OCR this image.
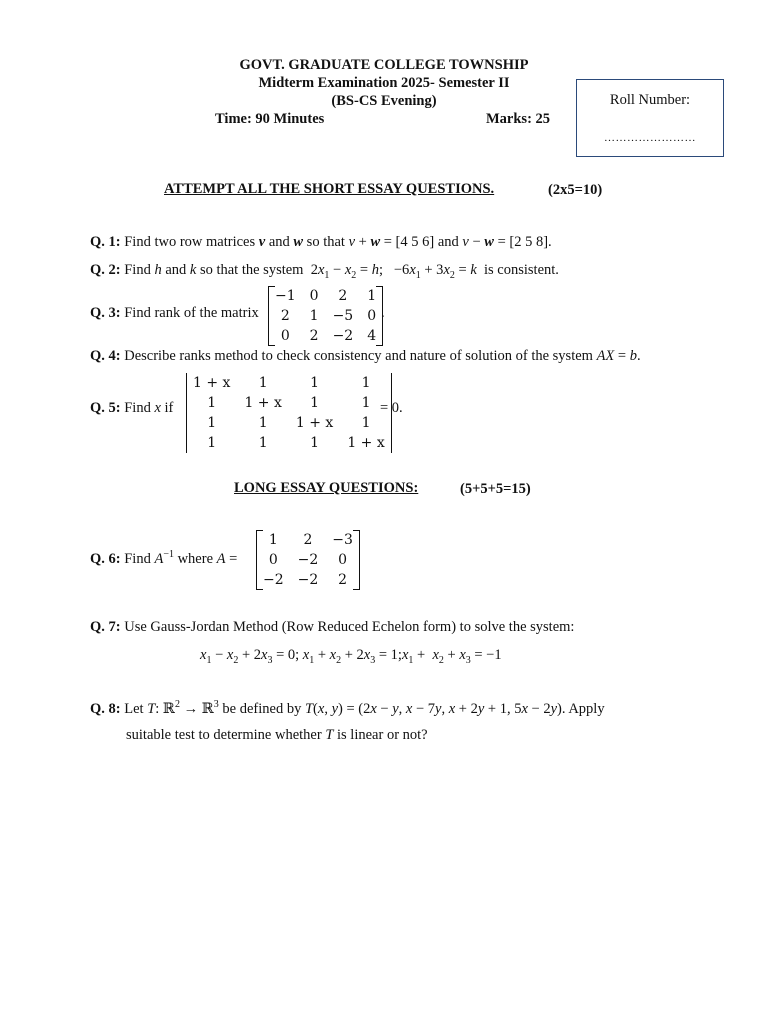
GOVT. GRADUATE COLLEGE TOWNSHIP
Midterm Examination 2025- Semester II
(BS-CS Evening)
Time: 90 Minutes	Marks: 25
Roll Number:
……………………
ATTEMPT ALL THE SHORT ESSAY QUESTIONS.	(2x5=10)
Q. 1: Find two row matrices v and w so that v + w = [4 5 6] and v − w = [2 5 8].
Q. 2: Find h and k so that the system  $2x_1 - x_2 = h$;   $-6x_1 + 3x_2 = k$ is consistent.
Q. 3: Find rank of the matrix
−1	0	2	1
2	1	−5	0
0	2	−2	4
.
Q. 4: Describe ranks method to check consistency and nature of solution of the system AX = b.
Q. 5: Find x if
1 + x	1	1	1
1	1 + x	1	1
1	1	1 + x	1
1	1	1	1 + x
= 0.
LONG ESSAY QUESTIONS:	(5+5+5=15)
Q. 6: Find $A^{-1}$ where A =
1	2	−3
0	−2	0
−2	−2	2
Q. 7: Use Gauss-Jordan Method (Row Reduced Echelon form) to solve the system:
$x_1 - x_2 + 2x_3 = 0$; $x_1 + x_2 + 2x_3$ = $1;x_1 + x_2 + x_3 = -1$
Q. 8: Let T: ℝ$^2$ → ℝ$^3$ be defined by T(x, y) = (2x − y, x − 7y, x + 2y + 1, 5x − 2y). Apply
suitable test to determine whether T is linear or not?
